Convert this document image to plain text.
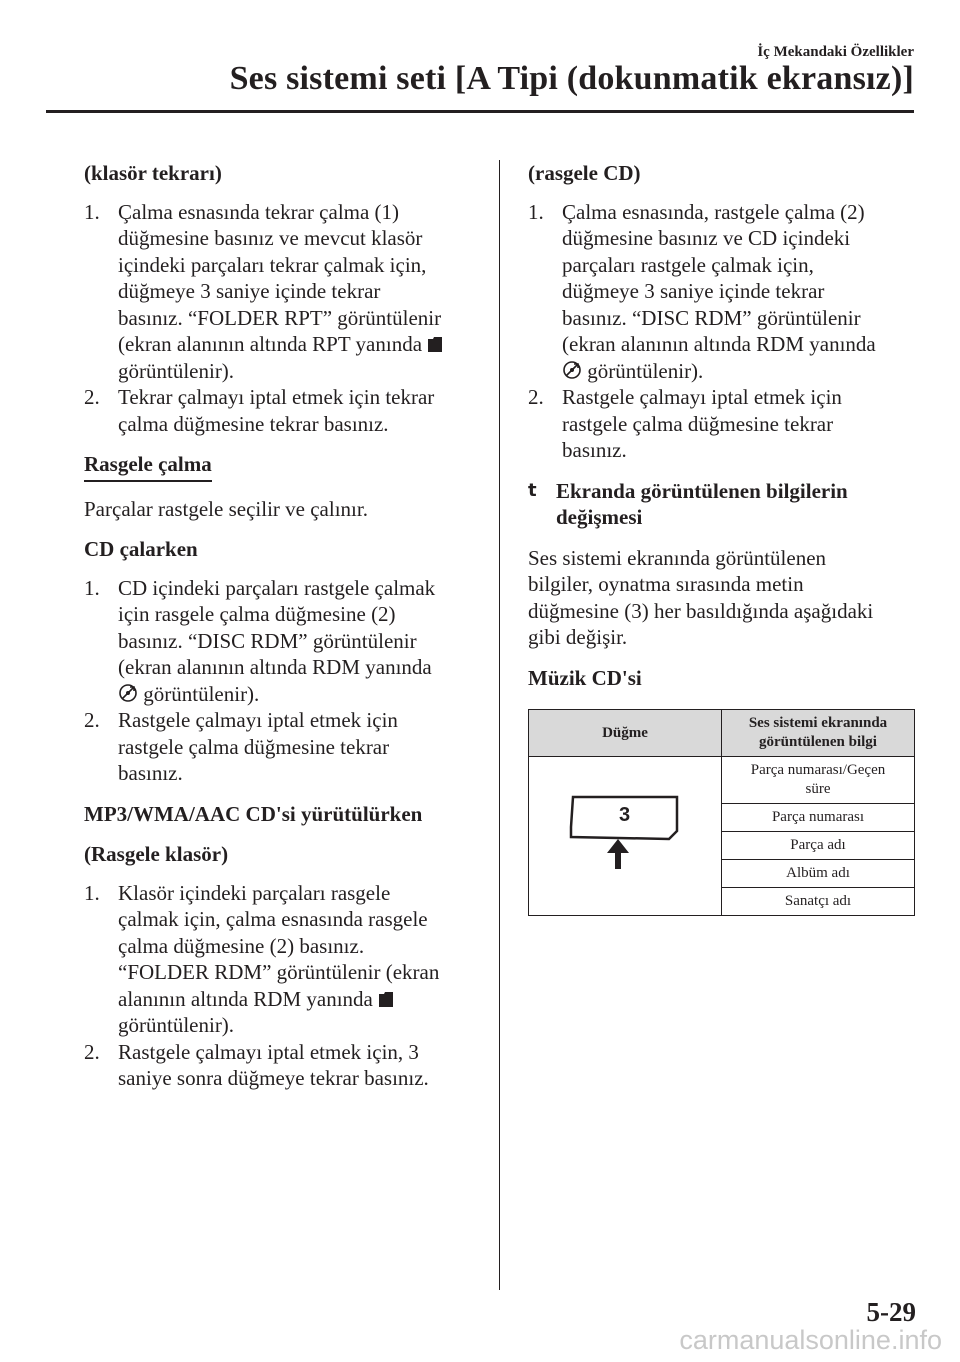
İç Mekandaki Özellikler
Ses sistemi seti [A Tipi (dokunmatik ekransız)]

(klasör tekrarı)

1. Çalma esnasında tekrar çalma (1)
düğmesine basınız ve mevcut klasör
içindeki parçaları tekrar çalmak için,
düğmeye 3 saniye içinde tekrar
basınız. “FOLDER RPT” görüntülenir
(ekran alanının altında RPT yanında
görüntülenir).
2. Tekrar çalmayı iptal etmek için tekrar
çalma düğmesine tekrar basınız.
Rasgele çalma

Parçalar rastgele seçilir ve çalınır.

CD çalarken

1. CD içindeki parçaları rastgele çalmak
için rasgele çalma düğmesine (2)
basınız. “DISC RDM” görüntülenir
(ekran alanının altında RDM yanında
görüntülenir).
2. Rastgele çalmayı iptal etmek için
rastgele çalma düğmesine tekrar
basınız.

MP3/WMA/AAC CD'si yürütülürken

(Rasgele klasör)

1. Klasör içindeki parçaları rasgele
çalmak için, çalma esnasında rasgele
çalma düğmesine (2) basınız.
“FOLDER RDM” görüntülenir (ekran
alanının altında RDM yanında
görüntülenir).
2. Rastgele çalmayı iptal etmek için, 3
saniye sonra düğmeye tekrar basınız.

(rasgele CD)

1. Çalma esnasında, rastgele çalma (2)
düğmesine basınız ve CD içindeki
parçaları rastgele çalmak için,
düğmeye 3 saniye içinde tekrar
basınız. “DISC RDM” görüntülenir
(ekran alanının altında RDM yanında
görüntülenir).
2. Rastgele çalmayı iptal etmek için
rastgele çalma düğmesine tekrar
basınız.
t Ekranda görüntülenen bilgilerin
değişmesi
Ses sistemi ekranında görüntülenen
bilgiler, oynatma sırasında metin
düğmesine (3) her basıldığında aşağıdaki
gibi değişir.

Müzik CD'si

Düğme	Ses sistemi ekranında
görüntülenen bilgi

3	Parça numarası/Geçen
süre

	Parça numarası
	Parça adı
	Albüm adı
	Sanatçı adı
5-29
carmanualsonline.info
